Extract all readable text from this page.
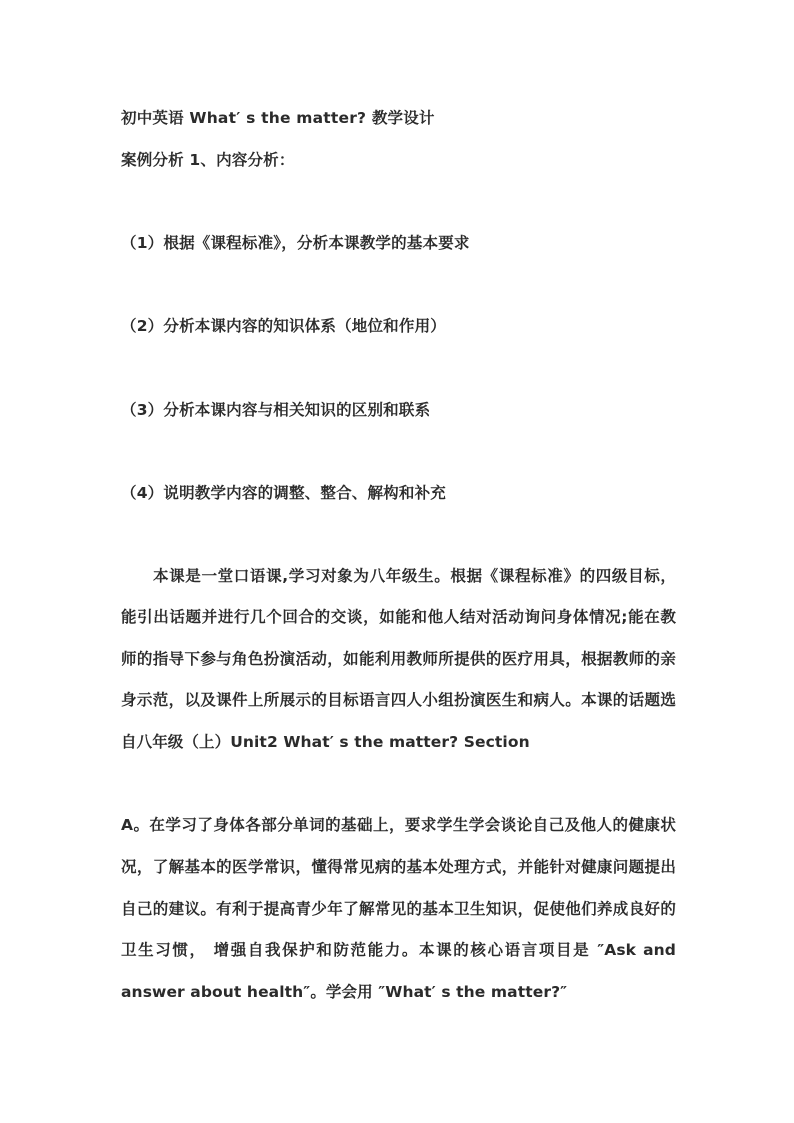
初中英语 What′ s the matter? 教学设计
案例分析 1、内容分析：
（1）根据《课程标准》，分析本课教学的基本要求
（2）分析本课内容的知识体系（地位和作用）
（3）分析本课内容与相关知识的区别和联系
（4）说明教学内容的调整、整合、解构和补充
本课是一堂口语课,学习对象为八年级生。根据《课程标准》的四级目标，
能引出话题并进行几个回合的交谈，如能和他人结对活动询问身体情况;能在教
师的指导下参与角色扮演活动，如能利用教师所提供的医疗用具，根据教师的亲
身示范，以及课件上所展示的目标语言四人小组扮演医生和病人。本课的话题选
自八年级（上）Unit2 What′ s the matter? Section
A。在学习了身体各部分单词的基础上，要求学生学会谈论自己及他人的健康状
况，了解基本的医学常识，懂得常见病的基本处理方式，并能针对健康问题提出
自己的建议。有利于提高青少年了解常见的基本卫生知识，促使他们养成良好的
卫生习惯， 增强自我保护和防范能力。本课的核心语言项目是 ″Ask and
answer about health″。学会用 ″What′ s the matter?″
